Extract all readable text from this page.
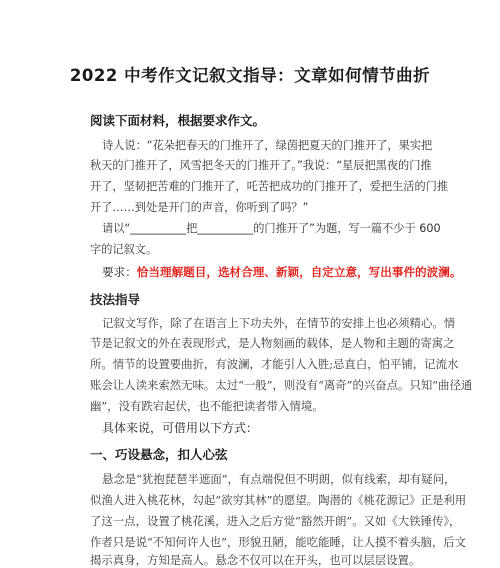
2022 中考作文记叙文指导：文章如何情节曲折
阅读下面材料，根据要求作文。
诗人说：“花朵把春天的门推开了，绿茵把夏天的门推开了，果实把
秋天的门推开了，风雪把冬天的门推开了。”我说：“星辰把黑夜的门推
开了，坚韧把苦难的门推开了，吒苦把成功的门推开了，爱把生活的门推
开了……到处是开门的声音，你听到了吗？”
请以“__________把__________的门推开了”为题，写一篇不少于 600
字的记叙文。
要求：恰当理解题目，选材合理、新颖，自定立意，写出事件的波澜。
技法指导
记叙文写作，除了在语言上下功夫外，在情节的安排上也必须精心。情
节是记叙文的外在表现形式，是人物刻画的载体，是人物和主题的寄寓之
所。情节的设置要曲折，有波澜，才能引人入胜;忌直白，怕平铺，记流水
账会让人读来索然无味。太过“一般”，则没有“离奇”的兴奋点。只知“曲径通
幽”，没有跌宕起伏，也不能把读者带入情境。
具体来说，可借用以下方式：
一、巧设悬念，扣人心弦
悬念是“犹抱琵琶半遮面”，有点端倪但不明朗，似有线索，却有疑问，
似渔人进入桃花林，勾起“欲穷其林”的愿望。陶潜的《桃花源记》正是利用
了这一点，设置了桃花溪，进入之后方觉“豁然开朗”。又如《大铁锤传》，
作者只是说“不知何许人也”，形貌丑陋，能吃能睡，让人摸不着头脑，后文
揭示真身，方知是高人。悬念不仅可以在开头，也可以层层设置。
